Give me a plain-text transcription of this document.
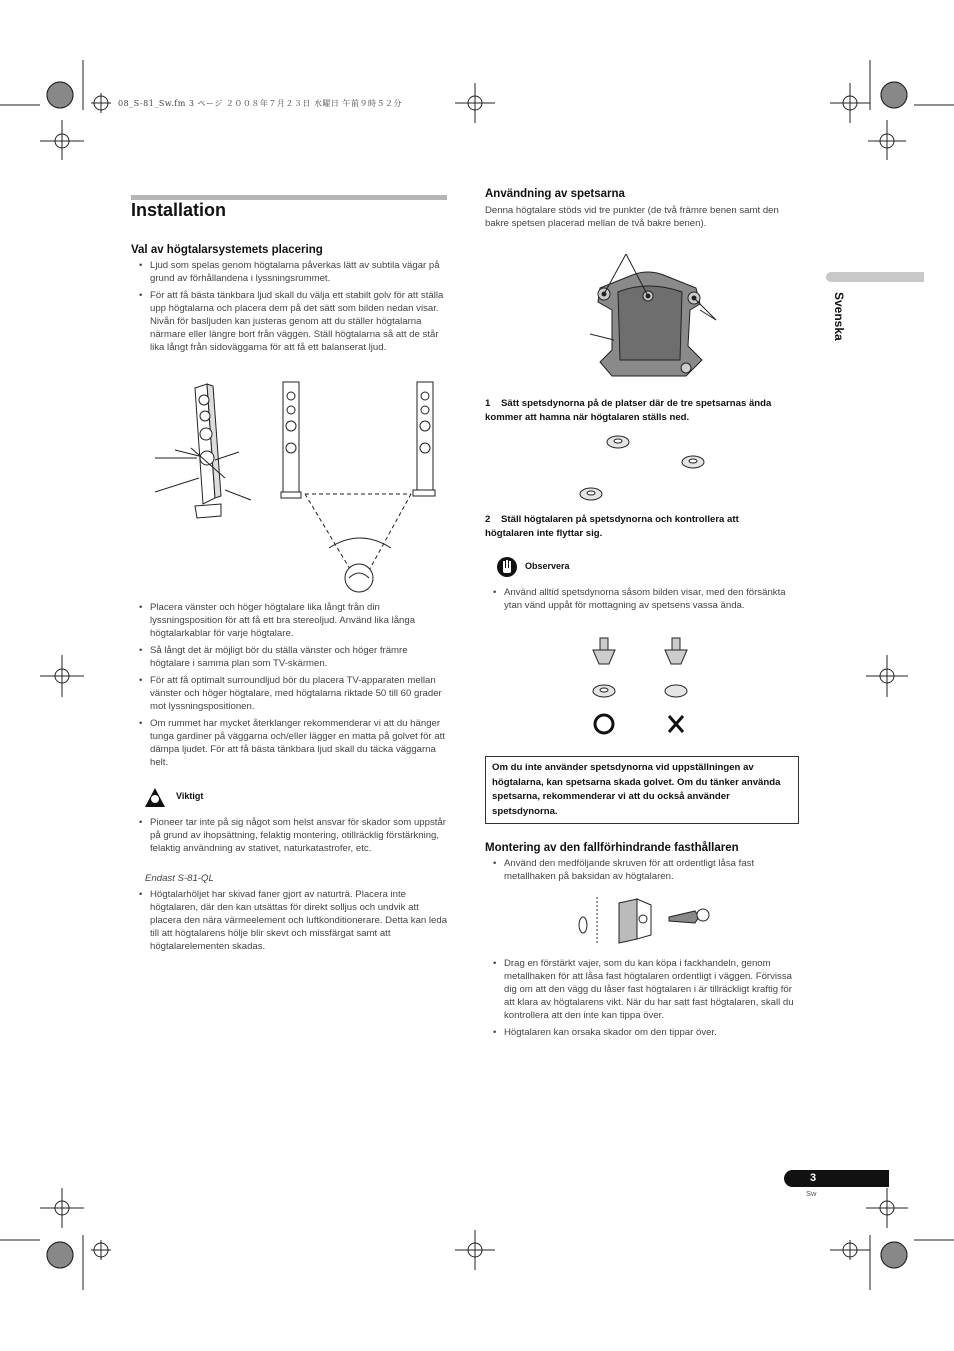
08_S-81_Sw.fm 3 ページ ２００８年７月２３日 水曜日 午前９時５２分
Installation
Val av högtalarsystemets placering
• Ljud som spelas genom högtalarna påverkas lätt av subtila vägar på grund av förhållandena i lyssningsrummet.
• För att få bästa tänkbara ljud skall du välja ett stabilt golv för att ställa upp högtalarna och placera dem på det sätt som bilden nedan visar. Nivån för basljuden kan justeras genom att du ställer högtalarna närmare eller längre bort från väggen. Ställ högtalarna så att de står lika långt från sidoväggarna för att få ett balanserat ljud.
• Placera vänster och höger högtalare lika långt från din lyssningsposition för att få ett bra stereoljud. Använd lika långa högtalarkablar för varje högtalare.
• Så långt det är möjligt bör du ställa vänster och höger främre högtalare i samma plan som TV-skärmen.
• För att få optimalt surroundljud bör du placera TV-apparaten mellan vänster och höger högtalare, med högtalarna riktade 50 till 60 grader mot lyssningspositionen.
• Om rummet har mycket återklanger rekommenderar vi att du hänger tunga gardiner på väggarna och/eller lägger en matta på golvet för att dämpa ljudet. För att få bästa tänkbara ljud skall du täcka väggarna helt.
Viktigt
• Pioneer tar inte på sig något som helst ansvar för skador som uppstår på grund av ihopsättning, felaktig montering, otillräcklig förstärkning, felaktig användning av stativet, naturkatastrofer, etc.
Endast S-81-QL
• Högtalarhöljet har skivad faner gjort av naturträ. Placera inte högtalaren, där den kan utsättas för direkt solljus och undvik att placera den nära värmeelement och luftkonditionerare. Detta kan leda till att högtalarens hölje blir skevt och missfärgat samt att högtalarelementen skadas.
Användning av spetsarna
Denna högtalare stöds vid tre punkter (de två främre benen samt den bakre spetsen placerad mellan de två bakre benen).
1 Sätt spetsdynorna på de platser där de tre spetsarnas ända kommer att hamna när högtalaren ställs ned.
2 Ställ högtalaren på spetsdynorna och kontrollera att högtalaren inte flyttar sig.
Observera
• Använd alltid spetsdynorna såsom bilden visar, med den försänkta ytan vänd uppåt för mottagning av spetsens vassa ända.
Om du inte använder spetsdynorna vid uppställningen av högtalarna, kan spetsarna skada golvet. Om du tänker använda spetsarna, rekommenderar vi att du också använder spetsdynorna.
Montering av den fallförhindrande fasthållaren
• Använd den medföljande skruven för att ordentligt låsa fast metallhaken på baksidan av högtalaren.
• Drag en förstärkt vajer, som du kan köpa i fackhandeln, genom metallhaken för att låsa fast högtalaren ordentligt i väggen. Förvissa dig om att den vägg du låser fast högtalaren i är tillräckligt kraftig för att klara av högtalarens vikt. När du har satt fast högtalaren, skall du kontrollera att den inte kan tippa över.
• Högtalaren kan orsaka skador om den tippar över.
Svenska
3
Sw
